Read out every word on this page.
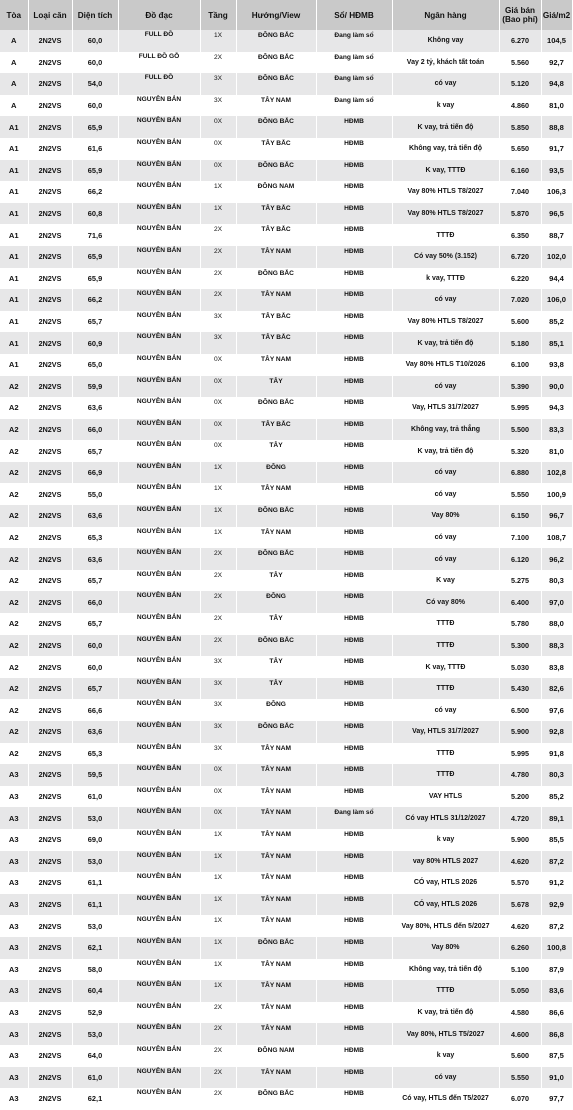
Tòa	Loại căn	Diện tích	Đồ đạc	Tầng	Hướng/View	Sổ/ HĐMB	Ngân hàng	Giá bán (Bao phí)	Giá/m2
A	2N2VS	60,0	FULL ĐỒ	1X	ĐÔNG BẮC	Đang làm sổ	Không vay	6.270	104,5
A	2N2VS	60,0	FULL ĐỒ GỖ	2X	ĐÔNG BẮC	Đang làm sổ	Vay 2 tỷ, khách tất toán	5.560	92,7
A	2N2VS	54,0	FULL ĐỒ	3X	ĐÔNG BẮC	Đang làm sổ	có vay	5.120	94,8
A	2N2VS	60,0	NGUYÊN BẢN	3X	TÂY NAM	Đang làm sổ	k vay	4.860	81,0
A1	2N2VS	65,9	NGUYÊN BẢN	0X	ĐÔNG BẮC	HĐMB	K vay, trả tiến độ	5.850	88,8
A1	2N2VS	61,6	NGUYÊN BẢN	0X	TÂY BẮC	HĐMB	Không vay, trả tiến độ	5.650	91,7
A1	2N2VS	65,9	NGUYÊN BẢN	0X	ĐÔNG BẮC	HĐMB	K vay, TTTĐ	6.160	93,5
A1	2N2VS	66,2	NGUYÊN BẢN	1X	ĐÔNG NAM	HĐMB	Vay 80% HTLS T8/2027	7.040	106,3
A1	2N2VS	60,8	NGUYÊN BẢN	1X	TÂY BẮC	HĐMB	Vay 80% HTLS T8/2027	5.870	96,5
A1	2N2VS	71,6	NGUYÊN BẢN	2X	TÂY BẮC	HĐMB	TTTĐ	6.350	88,7
A1	2N2VS	65,9	NGUYÊN BẢN	2X	TÂY NAM	HĐMB	Có vay 50% (3.152)	6.720	102,0
A1	2N2VS	65,9	NGUYÊN BẢN	2X	ĐÔNG BẮC	HĐMB	k vay, TTTĐ	6.220	94,4
A1	2N2VS	66,2	NGUYÊN BẢN	2X	TÂY NAM	HĐMB	có vay	7.020	106,0
A1	2N2VS	65,7	NGUYÊN BẢN	3X	TÂY BẮC	HĐMB	Vay 80% HTLS T8/2027	5.600	85,2
A1	2N2VS	60,9	NGUYÊN BẢN	3X	TÂY BẮC	HĐMB	K vay, trả tiến độ	5.180	85,1
A1	2N2VS	65,0	NGUYÊN BẢN	0X	TÂY NAM	HĐMB	Vay 80% HTLS T10/2026	6.100	93,8
A2	2N2VS	59,9	NGUYÊN BẢN	0X	TÂY	HĐMB	có vay	5.390	90,0
A2	2N2VS	63,6	NGUYÊN BẢN	0X	ĐÔNG BẮC	HĐMB	Vay, HTLS 31/7/2027	5.995	94,3
A2	2N2VS	66,0	NGUYÊN BẢN	0X	TÂY BẮC	HĐMB	Không vay, trả thẳng	5.500	83,3
A2	2N2VS	65,7	NGUYÊN BẢN	0X	TÂY	HĐMB	K vay, trả tiến độ	5.320	81,0
A2	2N2VS	66,9	NGUYÊN BẢN	1X	ĐÔNG	HĐMB	có vay	6.880	102,8
A2	2N2VS	55,0	NGUYÊN BẢN	1X	TÂY NAM	HĐMB	có vay	5.550	100,9
A2	2N2VS	63,6	NGUYÊN BẢN	1X	ĐÔNG BẮC	HĐMB	Vay 80%	6.150	96,7
A2	2N2VS	65,3	NGUYÊN BẢN	1X	TÂY NAM	HĐMB	có vay	7.100	108,7
A2	2N2VS	63,6	NGUYÊN BẢN	2X	ĐÔNG BẮC	HĐMB	có vay	6.120	96,2
A2	2N2VS	65,7	NGUYÊN BẢN	2X	TÂY	HĐMB	K vay	5.275	80,3
A2	2N2VS	66,0	NGUYÊN BẢN	2X	ĐÔNG	HĐMB	Có vay 80%	6.400	97,0
A2	2N2VS	65,7	NGUYÊN BẢN	2X	TÂY	HĐMB	TTTĐ	5.780	88,0
A2	2N2VS	60,0	NGUYÊN BẢN	2X	ĐÔNG BẮC	HĐMB	TTTĐ	5.300	88,3
A2	2N2VS	60,0	NGUYÊN BẢN	3X	TÂY	HĐMB	K vay, TTTĐ	5.030	83,8
A2	2N2VS	65,7	NGUYÊN BẢN	3X	TÂY	HĐMB	TTTĐ	5.430	82,6
A2	2N2VS	66,6	NGUYÊN BẢN	3X	ĐÔNG	HĐMB	có vay	6.500	97,6
A2	2N2VS	63,6	NGUYÊN BẢN	3X	ĐÔNG BẮC	HĐMB	Vay, HTLS 31/7/2027	5.900	92,8
A2	2N2VS	65,3	NGUYÊN BẢN	3X	TÂY NAM	HĐMB	TTTĐ	5.995	91,8
A3	2N2VS	59,5	NGUYÊN BẢN	0X	TÂY NAM	HĐMB	TTTĐ	4.780	80,3
A3	2N2VS	61,0	NGUYÊN BẢN	0X	TÂY NAM	HĐMB	VAY HTLS	5.200	85,2
A3	2N2VS	53,0	NGUYÊN BẢN	0X	TÂY NAM	Đang làm sổ	Có vay HTLS 31/12/2027	4.720	89,1
A3	2N2VS	69,0	NGUYÊN BẢN	1X	TÂY NAM	HĐMB	k vay	5.900	85,5
A3	2N2VS	53,0	NGUYÊN BẢN	1X	TÂY NAM	HĐMB	vay 80% HTLS 2027	4.620	87,2
A3	2N2VS	61,1	NGUYÊN BẢN	1X	TÂY NAM	HĐMB	CÓ vay, HTLS 2026	5.570	91,2
A3	2N2VS	61,1	NGUYÊN BẢN	1X	TÂY NAM	HĐMB	CÓ vay, HTLS 2026	5.678	92,9
A3	2N2VS	53,0	NGUYÊN BẢN	1X	TÂY NAM	HĐMB	Vay 80%, HTLS đến 5/2027	4.620	87,2
A3	2N2VS	62,1	NGUYÊN BẢN	1X	ĐÔNG BẮC	HĐMB	Vay 80%	6.260	100,8
A3	2N2VS	58,0	NGUYÊN BẢN	1X	TÂY NAM	HĐMB	Không vay, trả tiến độ	5.100	87,9
A3	2N2VS	60,4	NGUYÊN BẢN	1X	TÂY NAM	HĐMB	TTTĐ	5.050	83,6
A3	2N2VS	52,9	NGUYÊN BẢN	2X	TÂY NAM	HĐMB	K vay, trả tiến độ	4.580	86,6
A3	2N2VS	53,0	NGUYÊN BẢN	2X	TÂY NAM	HĐMB	Vay 80%, HTLS T5/2027	4.600	86,8
A3	2N2VS	64,0	NGUYÊN BẢN	2X	ĐÔNG NAM	HĐMB	k vay	5.600	87,5
A3	2N2VS	61,0	NGUYÊN BẢN	2X	TÂY NAM	HĐMB	có vay	5.550	91,0
A3	2N2VS	62,1	NGUYÊN BẢN	2X	ĐÔNG BẮC	HĐMB	Có vay, HTLS đến T5/2027	6.070	97,7
